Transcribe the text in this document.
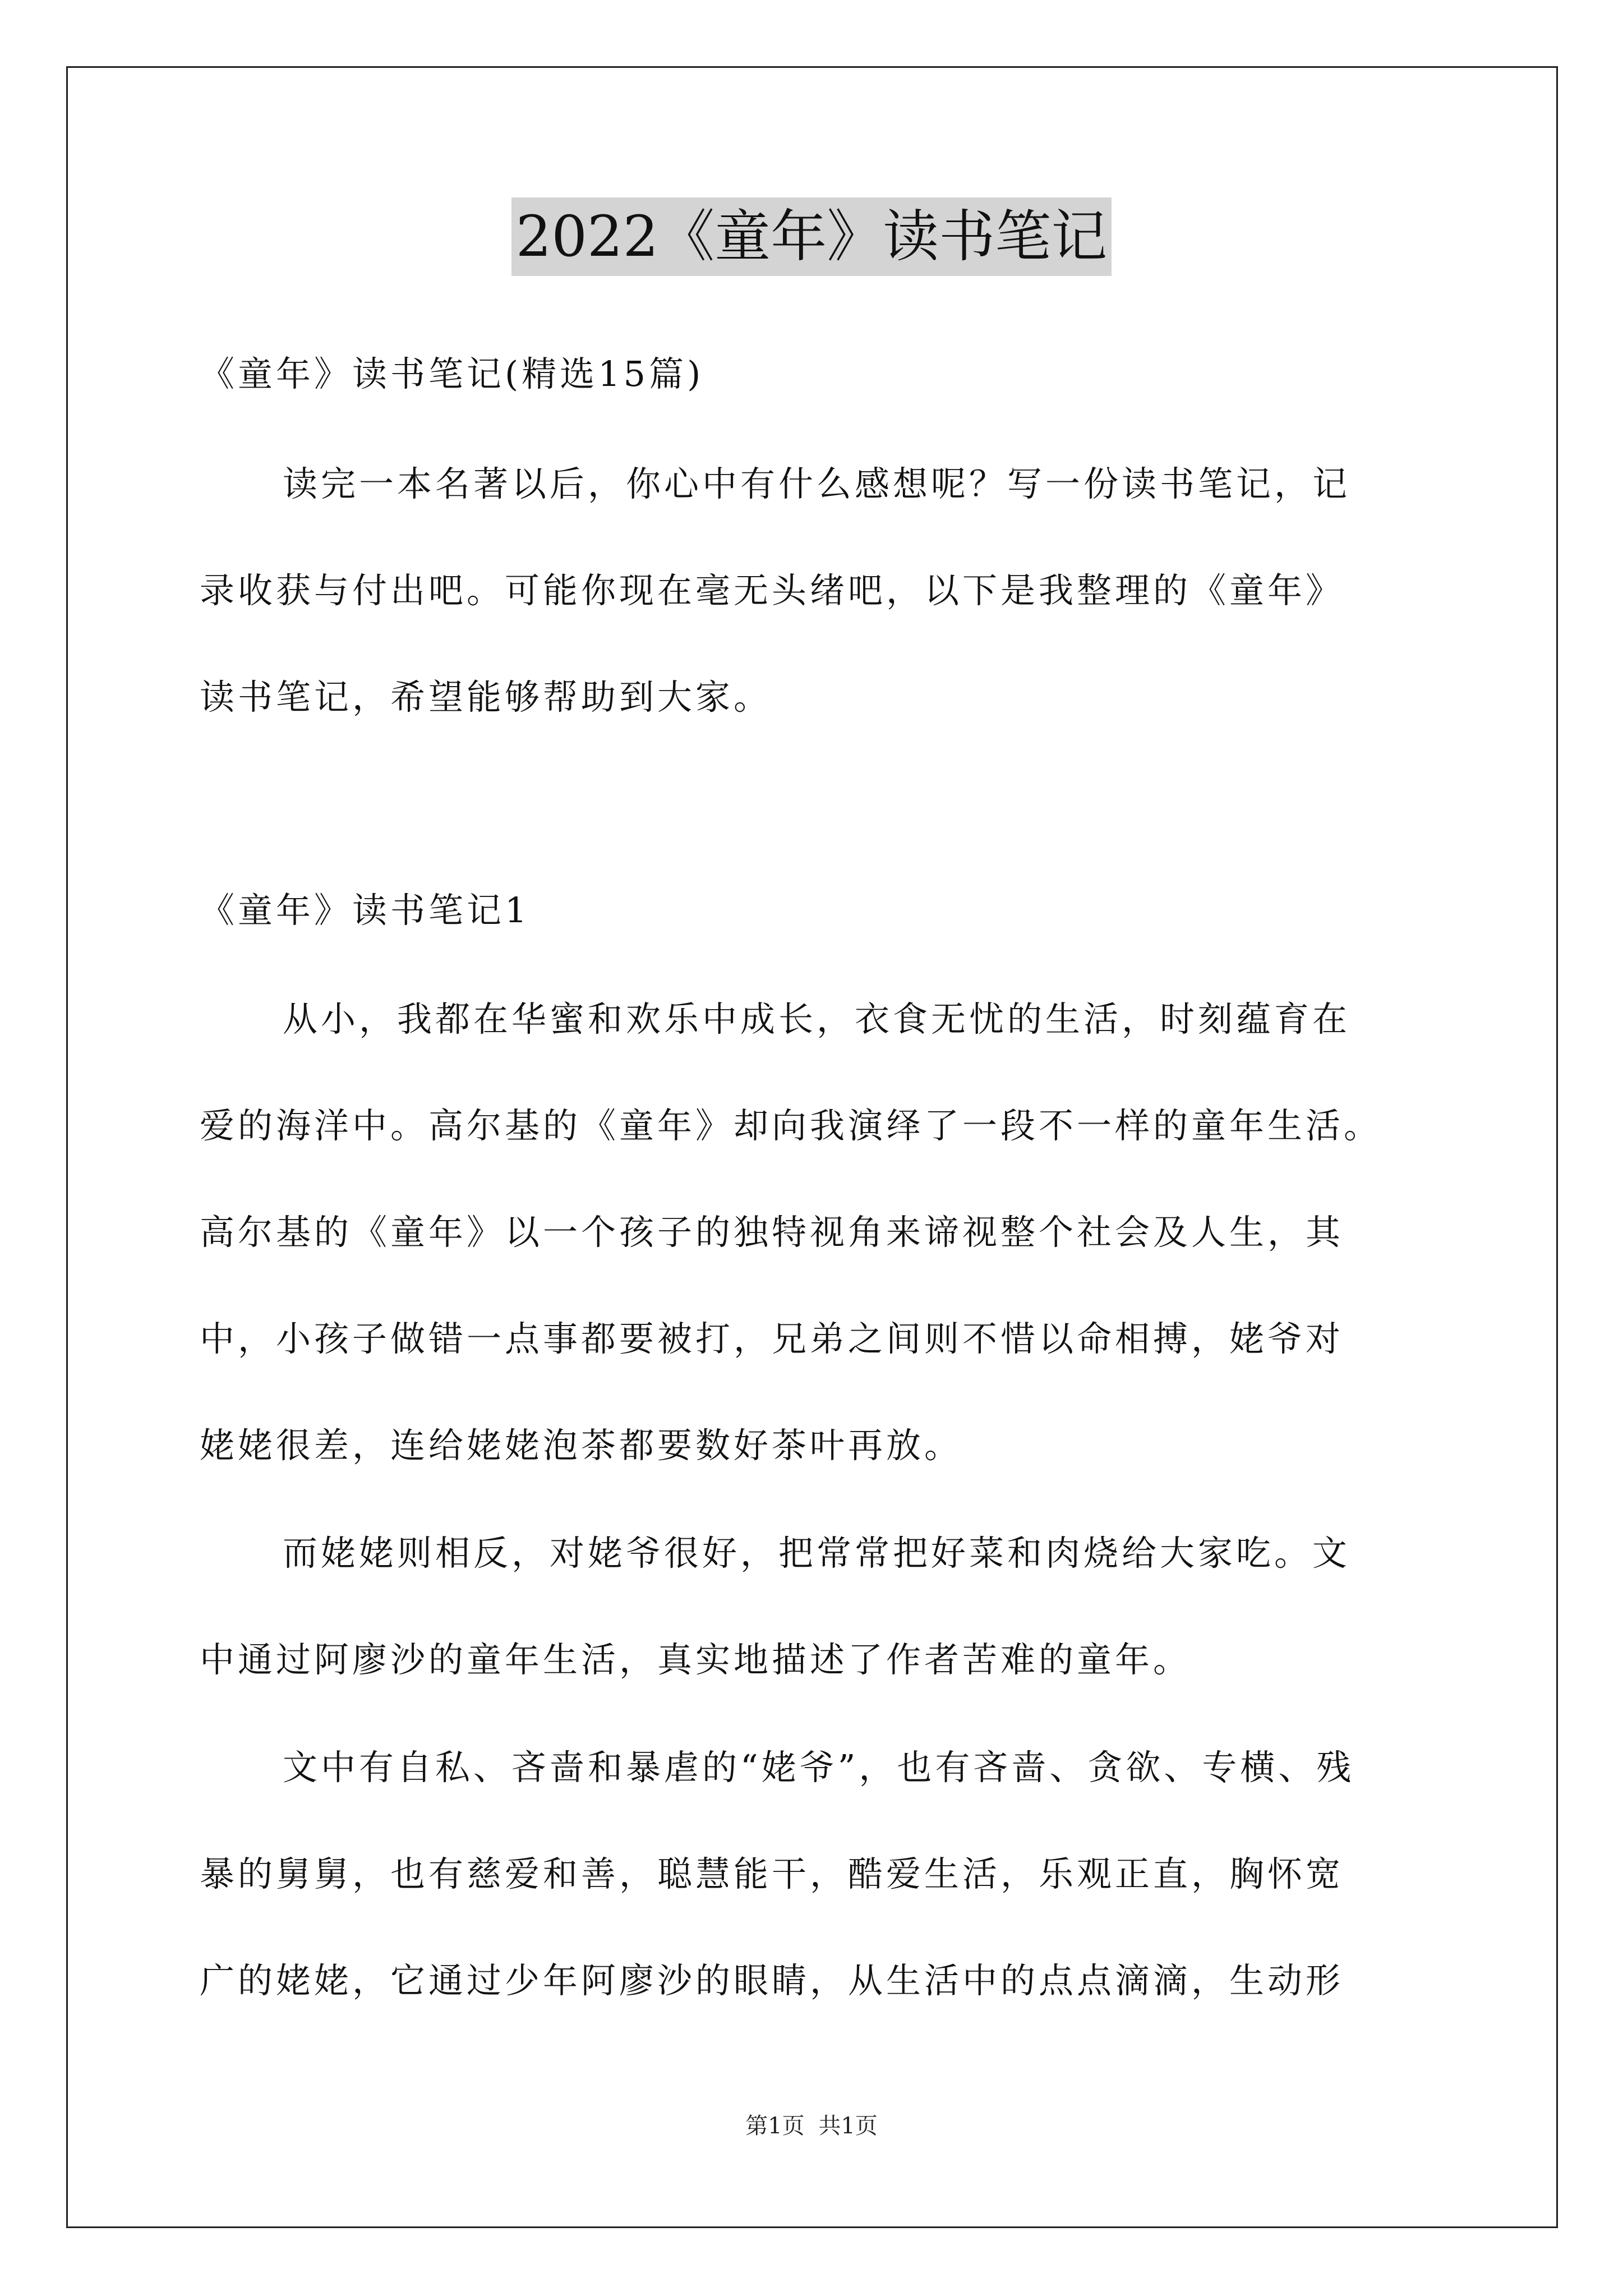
2022《童年》读书笔记
《童年》读书笔记(精选15篇)
读完一本名著以后，你心中有什么感想呢？写一份读书笔记，记
录收获与付出吧。可能你现在毫无头绪吧，以下是我整理的《童年》
读书笔记，希望能够帮助到大家。
《童年》读书笔记1
从小，我都在华蜜和欢乐中成长，衣食无忧的生活，时刻蕴育在
爱的海洋中。高尔基的《童年》却向我演绎了一段不一样的童年生活。
高尔基的《童年》以一个孩子的独特视角来谛视整个社会及人生，其
中，小孩子做错一点事都要被打，兄弟之间则不惜以命相搏，姥爷对
姥姥很差，连给姥姥泡茶都要数好茶叶再放。
而姥姥则相反，对姥爷很好，把常常把好菜和肉烧给大家吃。文
中通过阿廖沙的童年生活，真实地描述了作者苦难的童年。
文中有自私、吝啬和暴虐的“姥爷”，也有吝啬、贪欲、专横、残
暴的舅舅，也有慈爱和善，聪慧能干，酷爱生活，乐观正直，胸怀宽
广的姥姥，它通过少年阿廖沙的眼睛，从生活中的点点滴滴，生动形
第1页 共1页
